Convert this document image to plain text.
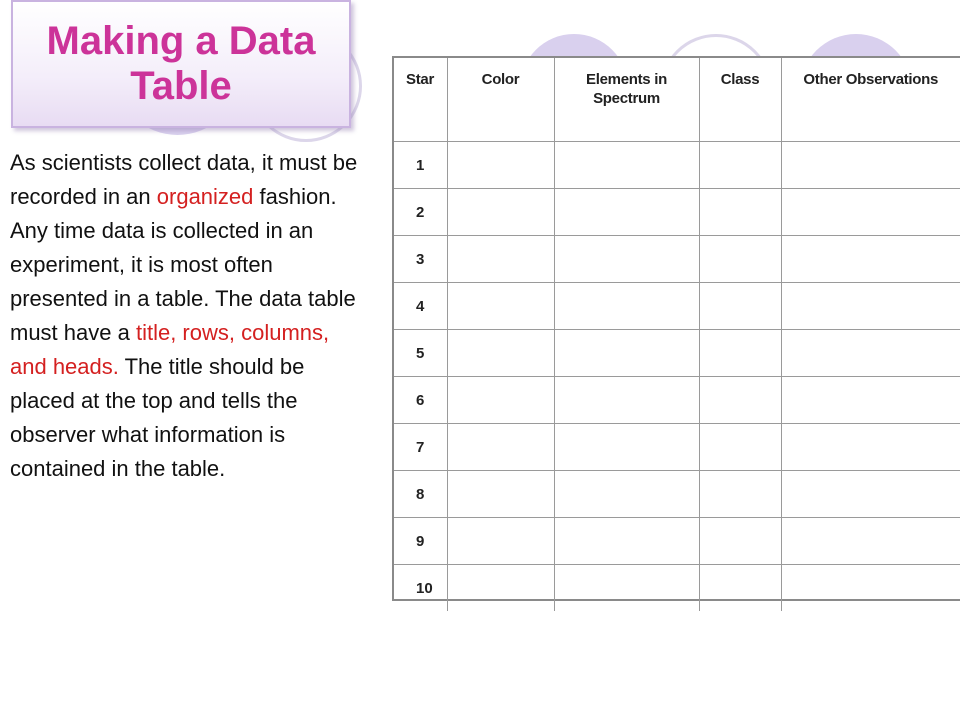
Making a Data Table
As scientists collect data, it must be recorded in an organized fashion. Any time data is collected in an experiment, it is most often presented in a table. The data table must have a title, rows, columns, and heads. The title should be placed at the top and tells the observer what information is contained in the table.
Star	Color	Elements in Spectrum	Class	Other Observations
1				
2				
3				
4				
5				
6				
7				
8				
9				
10				
